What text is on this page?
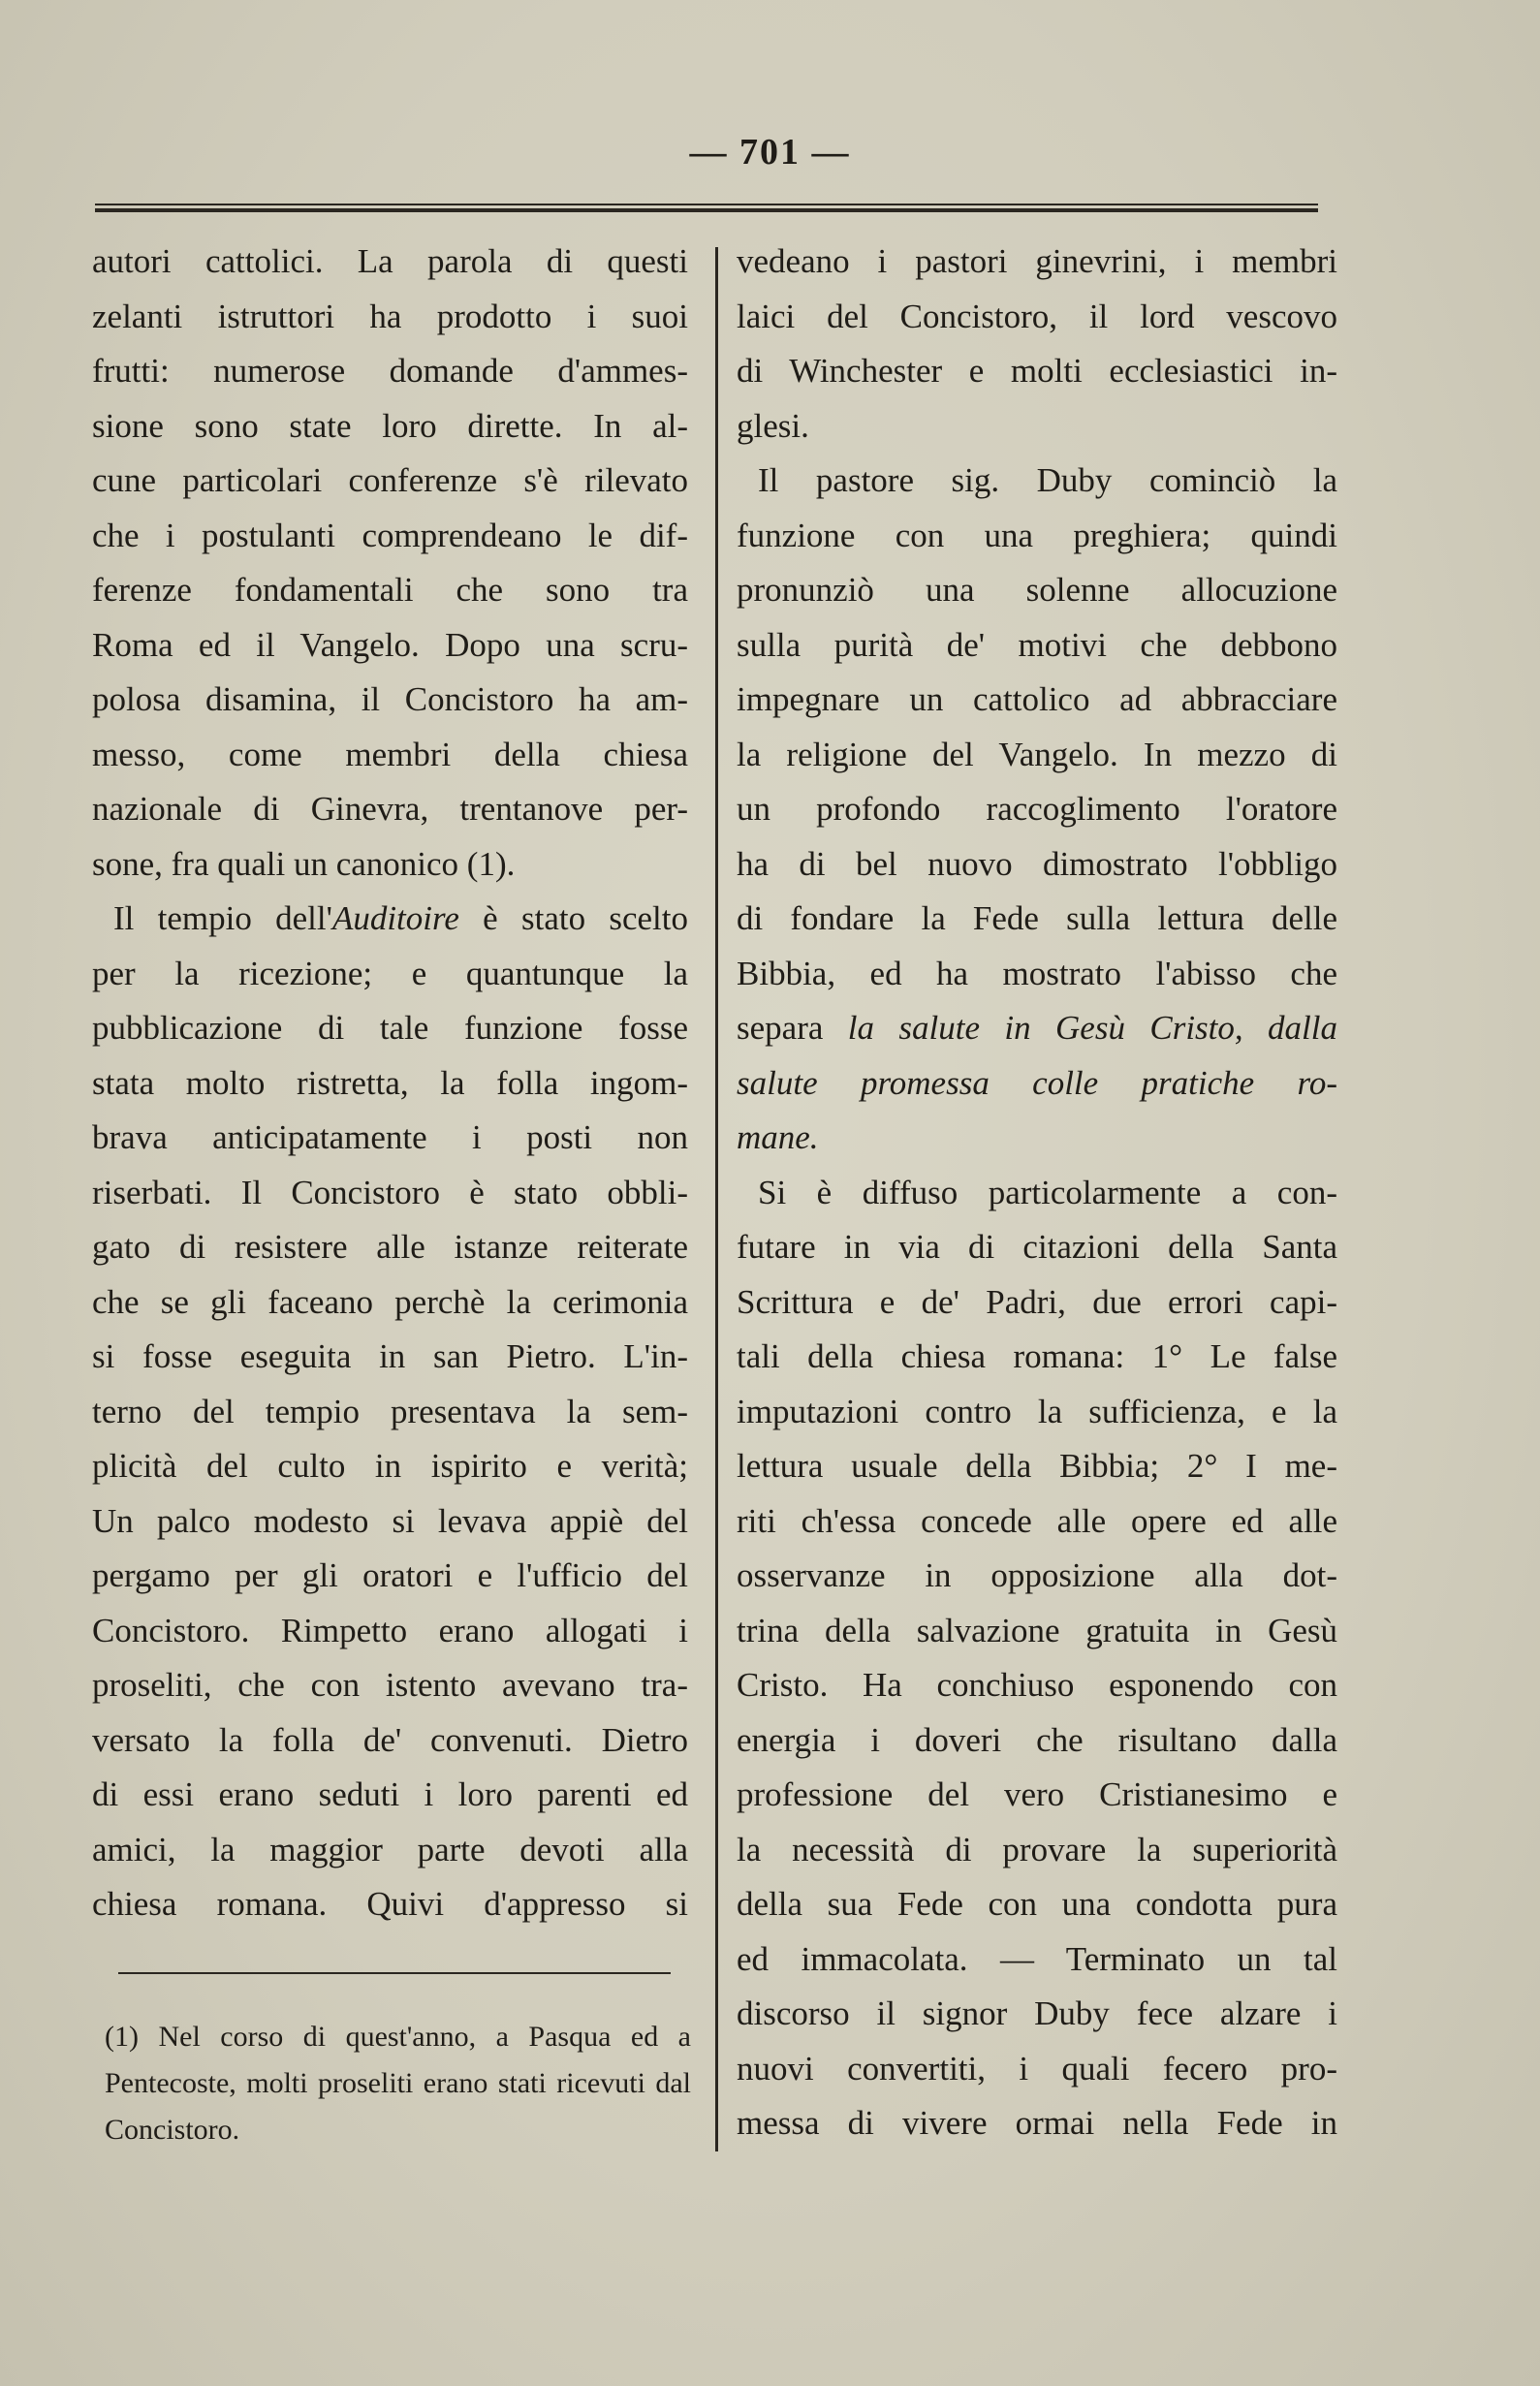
— 701 —
autori cattolici. La parola di questi
zelanti istruttori ha prodotto i suoi
frutti: numerose domande d'ammes-
sione sono state loro dirette. In al-
cune particolari conferenze s'è rilevato
che i postulanti comprendeano le dif-
ferenze fondamentali che sono tra
Roma ed il Vangelo. Dopo una scru-
polosa disamina, il Concistoro ha am-
messo, come membri della chiesa
nazionale di Ginevra, trentanove per-
sone, fra quali un canonico (1).
Il tempio dell'Auditoire è stato scelto
per la ricezione; e quantunque la
pubblicazione di tale funzione fosse
stata molto ristretta, la folla ingom-
brava anticipatamente i posti non
riserbati. Il Concistoro è stato obbli-
gato di resistere alle istanze reiterate
che se gli faceano perchè la cerimonia
si fosse eseguita in san Pietro. L'in-
terno del tempio presentava la sem-
plicità del culto in ispirito e verità;
Un palco modesto si levava appiè del
pergamo per gli oratori e l'ufficio del
Concistoro. Rimpetto erano allogati i
proseliti, che con istento avevano tra-
versato la folla de' convenuti. Dietro
di essi erano seduti i loro parenti ed
amici, la maggior parte devoti alla
chiesa romana. Quivi d'appresso si
(1) Nel corso di quest'anno, a Pasqua ed a Pentecoste, molti proseliti erano stati ricevuti dal Concistoro.
vedeano i pastori ginevrini, i membri
laici del Concistoro, il lord vescovo
di Winchester e molti ecclesiastici in-
glesi.
Il pastore sig. Duby cominciò la
funzione con una preghiera; quindi
pronunziò una solenne allocuzione
sulla purità de' motivi che debbono
impegnare un cattolico ad abbracciare
la religione del Vangelo. In mezzo di
un profondo raccoglimento l'oratore
ha di bel nuovo dimostrato l'obbligo
di fondare la Fede sulla lettura delle
Bibbia, ed ha mostrato l'abisso che
separa la salute in Gesù Cristo, dalla
salute promessa colle pratiche ro-
mane.
Si è diffuso particolarmente a con-
futare in via di citazioni della Santa
Scrittura e de' Padri, due errori capi-
tali della chiesa romana: 1° Le false
imputazioni contro la sufficienza, e la
lettura usuale della Bibbia; 2° I me-
riti ch'essa concede alle opere ed alle
osservanze in opposizione alla dot-
trina della salvazione gratuita in Gesù
Cristo. Ha conchiuso esponendo con
energia i doveri che risultano dalla
professione del vero Cristianesimo e
la necessità di provare la superiorità
della sua Fede con una condotta pura
ed immacolata. — Terminato un tal
discorso il signor Duby fece alzare i
nuovi convertiti, i quali fecero pro-
messa di vivere ormai nella Fede in
